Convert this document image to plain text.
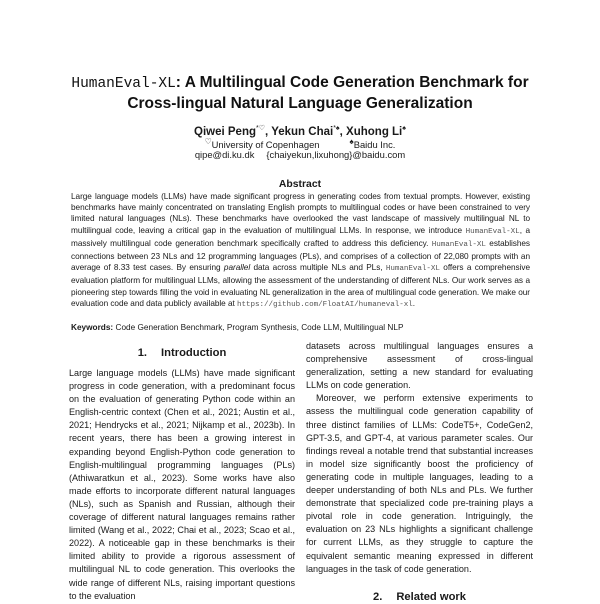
HumanEval-XL: A Multilingual Code Generation Benchmark for
Cross-lingual Natural Language Generalization
Qiwei Peng*♡, Yekun Chai*♠, Xuhong Li♠
♡University of Copenhagen	♠Baidu Inc.
qipe@di.ku.dk {chaiyekun,lixuhong}@baidu.com
Abstract
Large language models (LLMs) have made significant progress in generating codes from textual prompts. However, existing benchmarks have mainly concentrated on translating English prompts to multilingual codes or have been constrained to very limited natural languages (NLs). These benchmarks have overlooked the vast landscape of massively multilingual NL to multilingual code, leaving a critical gap in the evaluation of multilingual LLMs. In response, we introduce HumanEval-XL, a massively multilingual code generation benchmark specifically crafted to address this deficiency. HumanEval-XL establishes connections between 23 NLs and 12 programming languages (PLs), and comprises of a collection of 22,080 prompts with an average of 8.33 test cases. By ensuring parallel data across multiple NLs and PLs, HumanEval-XL offers a comprehensive evaluation platform for multilingual LLMs, allowing the assessment of the understanding of different NLs. Our work serves as a pioneering step towards filling the void in evaluating NL generalization in the area of multilingual code generation. We make our evaluation code and data publicly available at https://github.com/FloatAI/humaneval-xl.
Keywords: Code Generation Benchmark, Program Synthesis, Code LLM, Multilingual NLP
1. Introduction

Large language models (LLMs) have made significant progress in code generation, with a predominant focus on the evaluation of generating Python code within an English-centric context (Chen et al., 2021; Austin et al., 2021; Hendrycks et al., 2021; Nijkamp et al., 2023b). In recent years, there has been a growing interest in expanding beyond English-Python code generation to English-multilingual programming languages (PLs) (Athiwaratkun et al., 2023). Some works have also made efforts to incorporate different natural languages (NLs), such as Spanish and Russian, although their coverage of different natural languages remains rather limited (Wang et al., 2022; Chai et al., 2023; Scao et al., 2022). A noticeable gap in these benchmarks is their limited ability to provide a rigorous assessment of multilingual NL to code generation. This overlooks the wide range of different NLs, raising important questions to the evaluation

datasets across multilingual languages ensures a comprehensive assessment of cross-lingual generalization, setting a new standard for evaluating LLMs on code generation.

Moreover, we perform extensive experiments to assess the multilingual code generation capability of three distinct families of LLMs: CodeT5+, CodeGen2, GPT-3.5, and GPT-4, at various parameter scales. Our findings reveal a notable trend that substantial increases in model size significantly boost the proficiency of generating code in multiple languages, leading to a deeper understanding of both NLs and PLs. We further demonstrate that specialized code pre-training plays a pivotal role in code generation. Intriguingly, the evaluation on 23 NLs highlights a significant challenge for current LLMs, as they struggle to capture the equivalent semantic meaning expressed in different languages in the task of code generation.

2. Related work
